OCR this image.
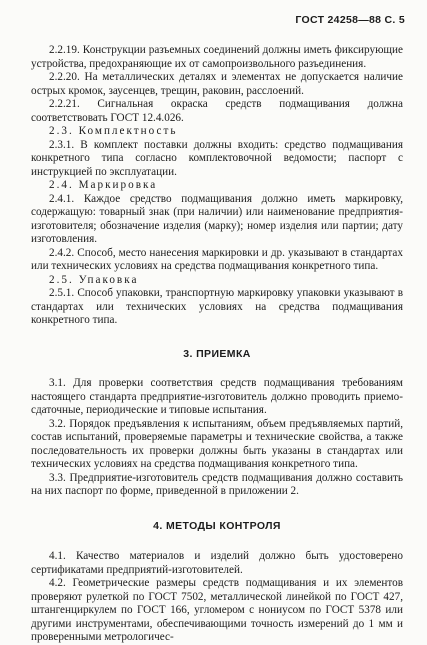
ГОСТ 24258—88 С. 5

2.2.19. Конструкции разъемных соединений должны иметь фиксирующие устройства, предохраняющие их от самопроизвольного разъединения.

2.2.20. На металлических деталях и элементах не допускается наличие острых кромок, заусенцев, трещин, раковин, расслоений.

2.2.21. Сигнальная окраска средств подмащивания должна соответствовать ГОСТ 12.4.026.

2.3. Комплектность

2.3.1. В комплект поставки должны входить: средство подмащивания конкретного типа согласно комплектовочной ведомости; паспорт с инструкцией по эксплуатации.

2.4. Маркировка

2.4.1. Каждое средство подмащивания должно иметь маркировку, содержащую: товарный знак (при наличии) или наименование предприятия-изготовителя; обозначение изделия (марку); номер изделия или партии; дату изготовления.

2.4.2. Способ, место нанесения маркировки и др. указывают в стандартах или технических условиях на средства подмащивания конкретного типа.

2.5. Упаковка

2.5.1. Способ упаковки, транспортную маркировку упаковки указывают в стандартах или технических условиях на средства подмащивания конкретного типа.

3. ПРИЕМКА

3.1. Для проверки соответствия средств подмащивания требованиям настоящего стандарта предприятие-изготовитель должно проводить приемо-сдаточные, периодические и типовые испытания.

3.2. Порядок предъявления к испытаниям, объем предъявляемых партий, состав испытаний, проверяемые параметры и технические свойства, а также последовательность их проверки должны быть указаны в стандартах или технических условиях на средства подмащивания конкретного типа.

3.3. Предприятие-изготовитель средств подмащивания должно составить на них паспорт по форме, приведенной в приложении 2.

4. МЕТОДЫ КОНТРОЛЯ

4.1. Качество материалов и изделий должно быть удостоверено сертификатами предприятий-изготовителей.

4.2. Геометрические размеры средств подмащивания и их элементов проверяют рулеткой по ГОСТ 7502, металлической линейкой по ГОСТ 427, штангенциркулем по ГОСТ 166, угломером с нониусом по ГОСТ 5378 или другими инструментами, обеспечивающими точность измерений до 1 мм и проверенными метрологичес-
